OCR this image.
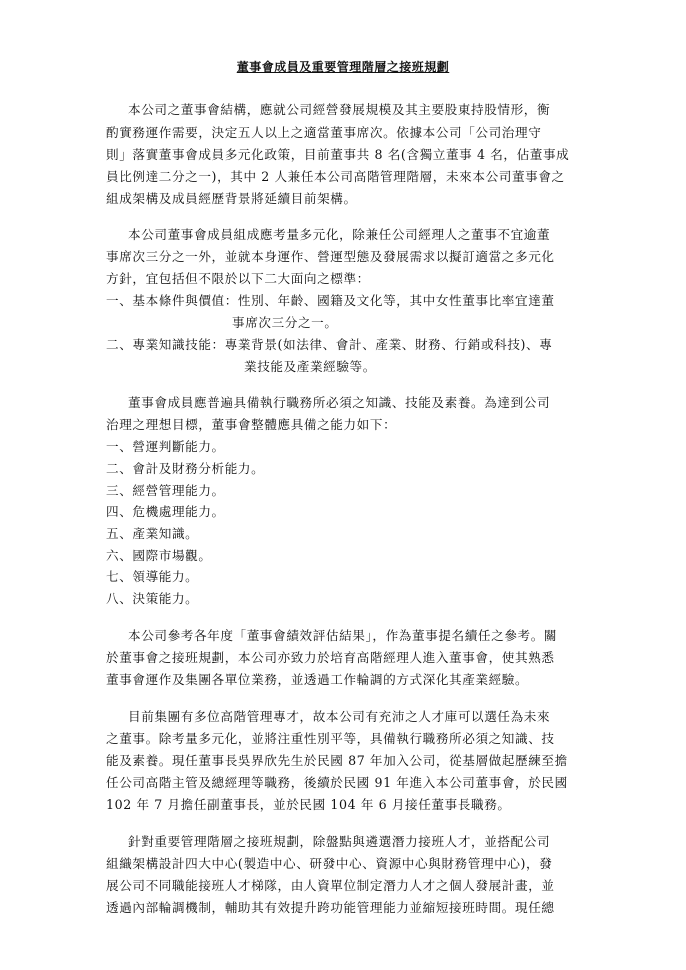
董事會成員及重要管理階層之接班規劃
本公司之董事會結構，應就公司經營發展規模及其主要股東持股情形，衡
酌實務運作需要，決定五人以上之適當董事席次。依據本公司「公司治理守
則」落實董事會成員多元化政策，目前董事共 8 名(含獨立董事 4 名，佔董事成
員比例達二分之一)，其中 2 人兼任本公司高階管理階層，未來本公司董事會之
組成架構及成員經歷背景將延續目前架構。
本公司董事會成員組成應考量多元化，除兼任公司經理人之董事不宜逾董
事席次三分之一外，並就本身運作、營運型態及發展需求以擬訂適當之多元化
方針，宜包括但不限於以下二大面向之標準：
一、基本條件與價值：性別、年齡、國籍及文化等，其中女性董事比率宜達董
事席次三分之一。
二、專業知識技能：專業背景(如法律、會計、產業、財務、行銷或科技)、專
業技能及產業經驗等。
董事會成員應普遍具備執行職務所必須之知識、技能及素養。為達到公司
治理之理想目標，董事會整體應具備之能力如下：
一、營運判斷能力。
二、會計及財務分析能力。
三、經營管理能力。
四、危機處理能力。
五、產業知識。
六、國際市場觀。
七、領導能力。
八、決策能力。
本公司參考各年度「董事會績效評估結果」，作為董事提名續任之參考。關
於董事會之接班規劃，本公司亦致力於培育高階經理人進入董事會，使其熟悉
董事會運作及集團各單位業務，並透過工作輪調的方式深化其產業經驗。
目前集團有多位高階管理專才，故本公司有充沛之人才庫可以選任為未來
之董事。除考量多元化，並將注重性別平等，具備執行職務所必須之知識、技
能及素養。現任董事長吳界欣先生於民國 87 年加入公司，從基層做起歷練至擔
任公司高階主管及總經理等職務，後續於民國 91 年進入本公司董事會，於民國
102 年 7 月擔任副董事長，並於民國 104 年 6 月接任董事長職務。
針對重要管理階層之接班規劃，除盤點與遴選潛力接班人才，並搭配公司
組織架構設計四大中心(製造中心、研發中心、資源中心與財務管理中心)，發
展公司不同職能接班人才梯隊，由人資單位制定潛力人才之個人發展計畫，並
透過內部輪調機制，輔助其有效提升跨功能管理能力並縮短接班時間。現任總
